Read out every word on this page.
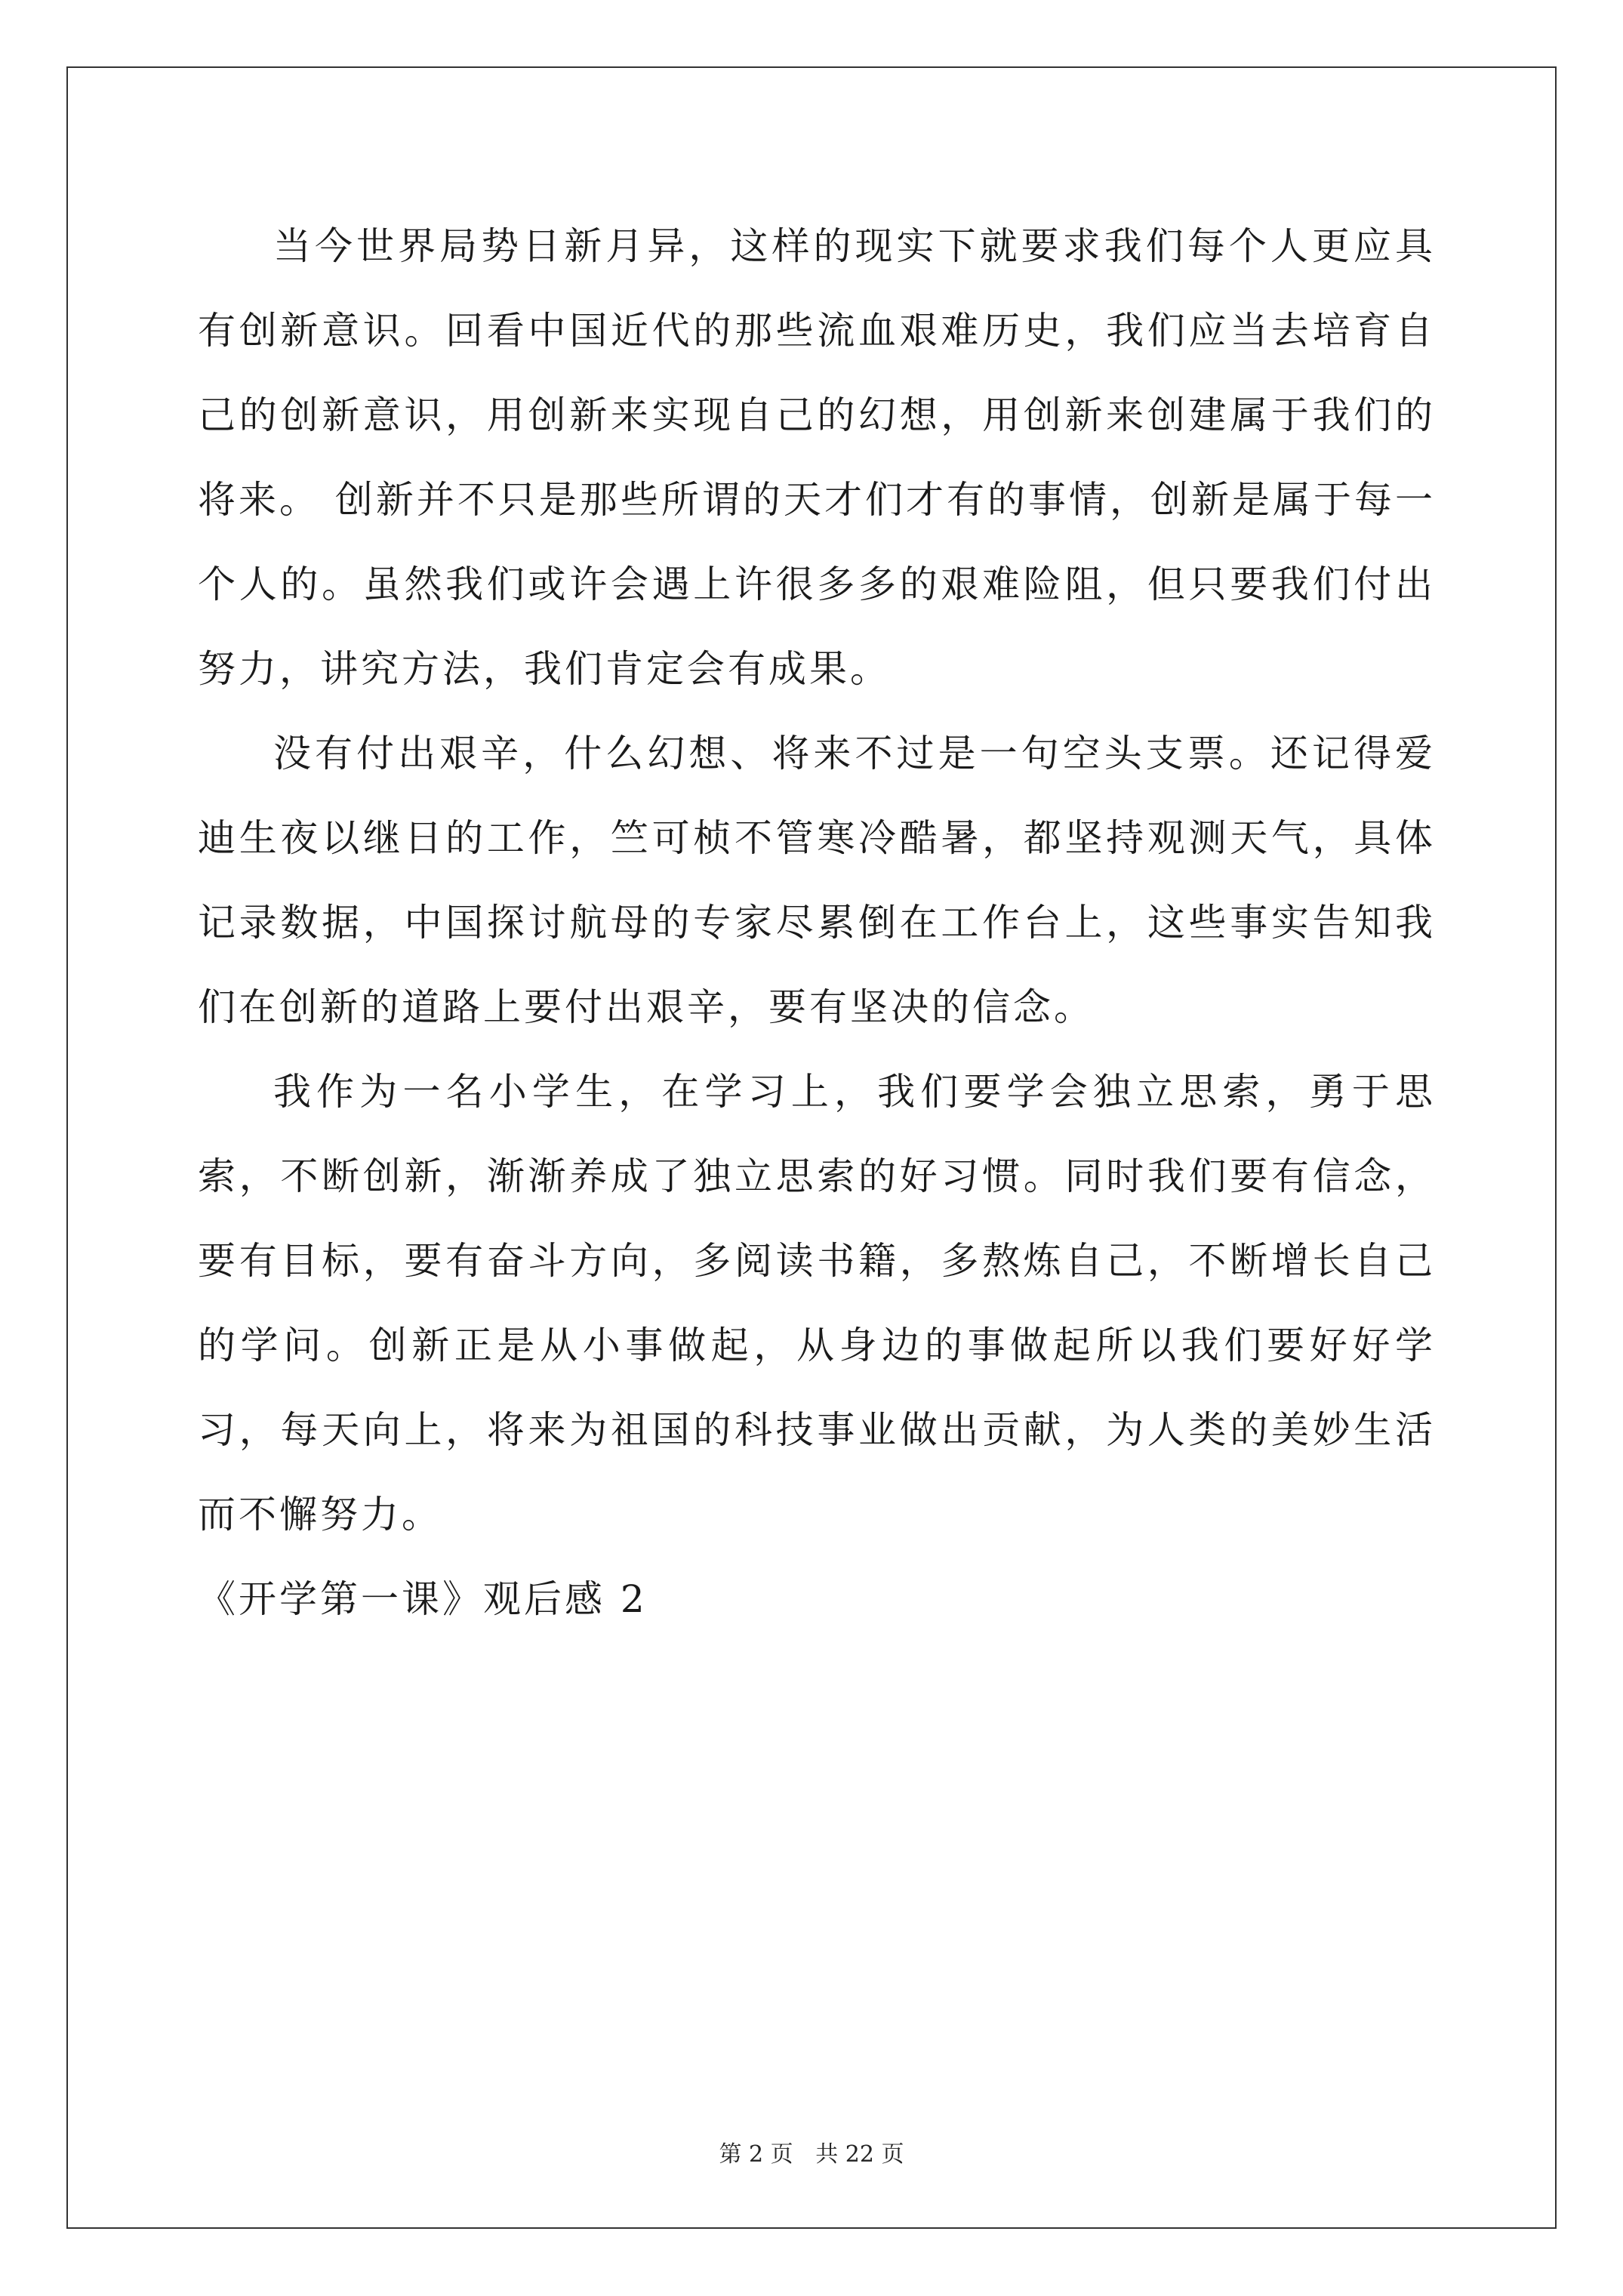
当今世界局势日新月异，这样的现实下就要求我们每个人更应具有创新意识。回看中国近代的那些流血艰难历史，我们应当去培育自己的创新意识，用创新来实现自己的幻想，用创新来创建属于我们的将来。 创新并不只是那些所谓的天才们才有的事情，创新是属于每一个人的。虽然我们或许会遇上许很多多的艰难险阻，但只要我们付出努力，讲究方法，我们肯定会有成果。

没有付出艰辛，什么幻想、将来不过是一句空头支票。还记得爱迪生夜以继日的工作，竺可桢不管寒冷酷暑，都坚持观测天气，具体记录数据，中国探讨航母的专家尽累倒在工作台上，这些事实告知我们在创新的道路上要付出艰辛，要有坚决的信念。

我作为一名小学生，在学习上，我们要学会独立思索，勇于思索，不断创新，渐渐养成了独立思索的好习惯。同时我们要有信念，要有目标，要有奋斗方向，多阅读书籍，多熬炼自己，不断增长自己的学问。创新正是从小事做起，从身边的事做起所以我们要好好学习，每天向上，将来为祖国的科技事业做出贡献，为人类的美妙生活而不懈努力。

《开学第一课》观后感 2

第 2 页 共 22 页
